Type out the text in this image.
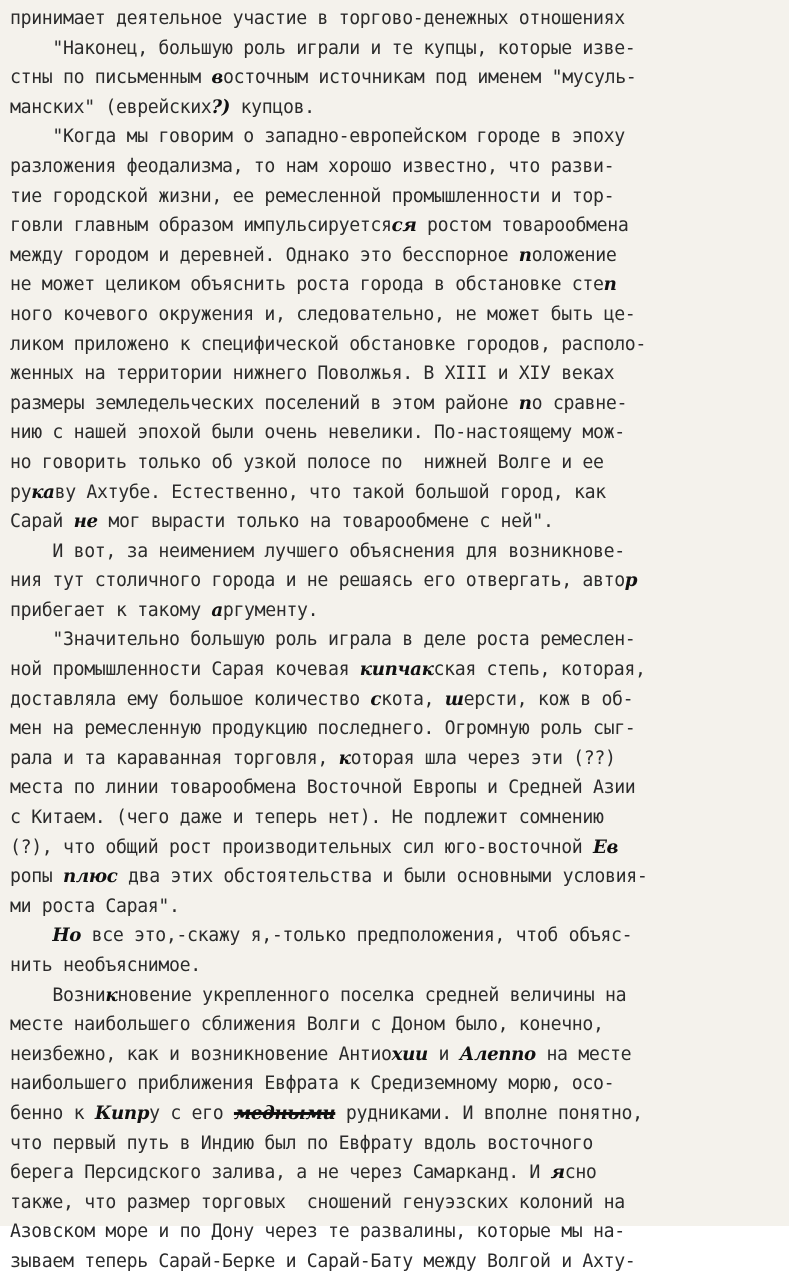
принимает деятельное участие в торгово-денежных отношениях
"Наконец, большую роль играли и те купцы, которые изве-
стны по письменным восточным источникам под именем "мусуль-
манских" (еврейских?) купцов.
"Когда мы говорим о западно-европейском городе в эпоху
разложения феодализма, то нам хорошо известно, что разви-
тие городской жизни, ее ремесленной промышленности и тор-
говли главным образом импульсируетсяся ростом товарообмена
между городом и деревней. Однако это бесспорное положение
не может целиком объяснить роста города в обстановке степ
ного кочевого окружения и, следовательно, не может быть це-
ликом приложено к специфической обстановке городов, располо-
женных на территории нижнего Поволжья. В XIII и XIУ веках
размеры земледельческих поселений в этом районе по сравне-
нию с нашей эпохой были очень невелики. По-настоящему мож-
но говорить только об узкой полосе по  нижней Волге и ее
рукаву Ахтубе. Естественно, что такой большой город, как
Сарай не мог вырасти только на товарообмене с ней".
И вот, за неимением лучшего объяснения для возникнове-
ния тут столичного города и не решаясь его отвергать, автор
прибегает к такому аргументу.
"Значительно большую роль играла в деле роста ремеслен-
ной промышленности Сарая кочевая кипчакская степь, которая,
доставляла ему большое количество скота, шерсти, кож в об-
мен на ремесленную продукцию последнего. Огромную роль сыг-
рала и та караванная торговля, которая шла через эти (??)
места по линии товарообмена Восточной Европы и Средней Азии
с Китаем. (чего даже и теперь нет). Не подлежит сомнению
(?), что общий рост производительных сил юго-восточной Ев
ропы плюс два этих обстоятельства и были основными условия-
ми роста Сарая".
Но все это,-скажу я,-только предположения, чтоб объяс-
нить необъяснимое.
Возникновение укрепленного поселка средней величины на
месте наибольшего сближения Волги с Доном было, конечно,
неизбежно, как и возникновение Антиохии и Алеппо на месте
наибольшего приближения Евфрата к Средиземному морю, осо-
бенно к Кипру с его медными рудниками. И вполне понятно,
что первый путь в Индию был по Евфрату вдоль восточного
берега Персидского залива, а не через Самарканд. И ясно
также, что размер торговых  сношений генуэзских колоний на
Азовском море и по Дону через те развалины, которые мы на-
зываем теперь Сарай-Берке и Сарай-Бату между Волгой и Ахту-
